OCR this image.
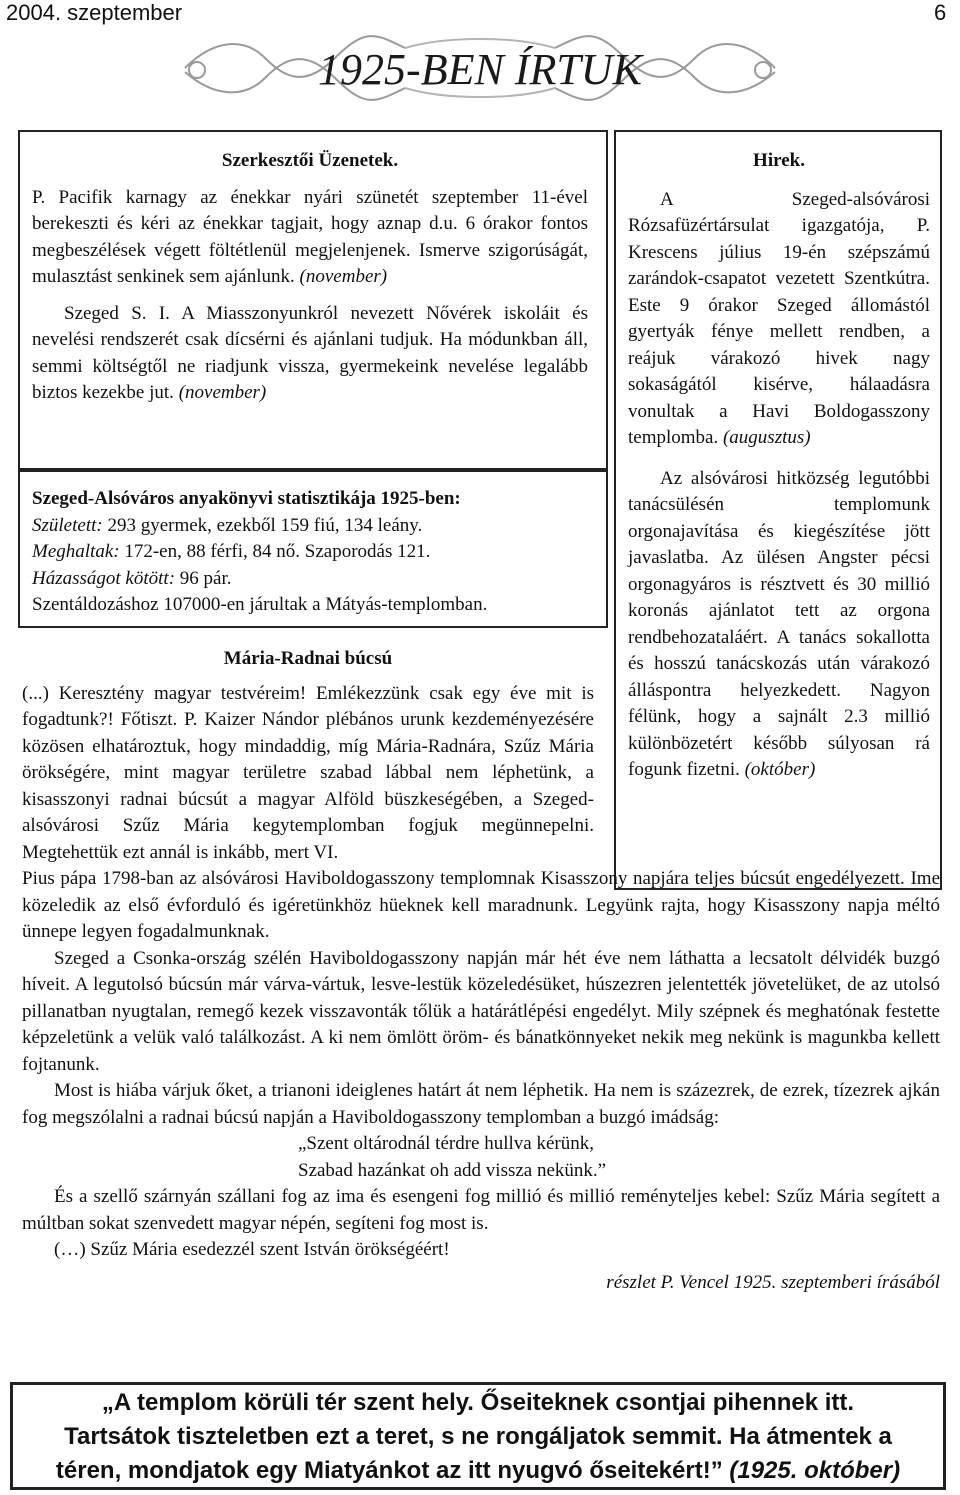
2004. szeptember	6
1925-BEN ÍRTUK

Szerkesztői Üzenetek.

P. Pacifik karnagy az énekkar nyári szünetét szeptember 11-ével berekeszti és kéri az énekkar tagjait, hogy aznap d.u. 6 órakor fontos megbeszélések végett föltétlenül megjelenjenek. Ismerve szigorúságát, mulasztást senkinek sem ajánlunk. (november)

Szeged S. I. A Miasszonyunkról nevezett Nővérek iskoláit és nevelési rendszerét csak dícsérni és ajánlani tudjuk. Ha módunkban áll, semmi költségtől ne riadjunk vissza, gyermekeink nevelése legalább biztos kezekbe jut. (november)

Szeged-Alsóváros anyakönyvi statisztikája 1925-ben:

Született: 293 gyermek, ezekből 159 fiú, 134 leány.

Meghaltak: 172-en, 88 férfi, 84 nő. Szaporodás 121.

Házasságot kötött: 96 pár.

Szentáldozáshoz 107000-en járultak a Mátyás-templomban.

Hirek.

A Szeged-alsóvárosi Rózsafüzértársulat igazgatója, P. Krescens július 19-én szépszámú zarándok-csapatot vezetett Szentkútra. Este 9 órakor Szeged állomástól gyertyák fénye mellett rendben, a reájuk várakozó hivek nagy sokaságától kisérve, hálaadásra vonultak a Havi Boldogasszony templomba. (augusztus)

Az alsóvárosi hitközség legutóbbi tanácsülésén templomunk orgonajavítása és kiegészítése jött javaslatba. Az ülésen Angster pécsi orgonagyáros is résztvett és 30 millió koronás ajánlatot tett az orgona rendbehozataláért. A tanács sokallotta és hosszú tanácskozás után várakozó álláspontra helyezkedett. Nagyon félünk, hogy a sajnált 2.3 millió különbözetért később súlyosan rá fogunk fizetni. (október)

Mária-Radnai búcsú

(...) Keresztény magyar testvéreim! Emlékezzünk csak egy éve mit is fogadtunk?! Főtiszt. P. Kaizer Nándor plébános urunk kezdeményezésére közösen elhatároztuk, hogy mindaddig, míg Mária-Radnára, Szűz Mária örökségére, mint magyar területre szabad lábbal nem léphetünk, a kisasszonyi radnai búcsút a magyar Alföld büszkeségében, a Szeged-alsóvárosi Szűz Mária kegytemplomban fogjuk megünnepelni. Megtehettük ezt annál is inkább, mert VI.

Pius pápa 1798-ban az alsóvárosi Haviboldogasszony templomnak Kisasszony napjára teljes búcsút engedélyezett. Ime közeledik az első évforduló és igéretünkhöz hüeknek kell maradnunk. Legyünk rajta, hogy Kisasszony napja méltó ünnepe legyen fogadalmunknak.

Szeged a Csonka-ország szélén Haviboldogasszony napján már hét éve nem láthatta a lecsatolt délvidék buzgó híveit. A legutolsó búcsún már várva-vártuk, lesve-lestük közeledésüket, húszezren jelentették jövetelüket, de az utolsó pillanatban nyugtalan, remegő kezek visszavonták tőlük a határátlépési engedélyt. Mily szépnek és meghatónak festette képzeletünk a velük való találkozást. A ki nem ömlött öröm- és bánatkönnyeket nekik meg nekünk is magunkba kellett fojtanunk.

Most is hiába várjuk őket, a trianoni ideiglenes határt át nem léphetik. Ha nem is százezrek, de ezrek, tízezrek ajkán fog megszólalni a radnai búcsú napján a Haviboldogasszony templomban a buzgó imádság:

„Szent oltárodnál térdre hullva kérünk,

Szabad hazánkat oh add vissza nekünk.”

És a szellő szárnyán szállani fog az ima és esengeni fog millió és millió reményteljes kebel: Szűz Mária segített a múltban sokat szenvedett magyar népén, segíteni fog most is.

(…) Szűz Mária esedezzél szent István örökségéért!

részlet P. Vencel 1925. szeptemberi írásából

„A templom körüli tér szent hely. Őseiteknek csontjai pihennek itt.

Tartsátok tiszteletben ezt a teret, s ne rongáljatok semmit. Ha átmentek a

téren, mondjatok egy Miatyánkot az itt nyugvó őseitekért!” (1925. október)
